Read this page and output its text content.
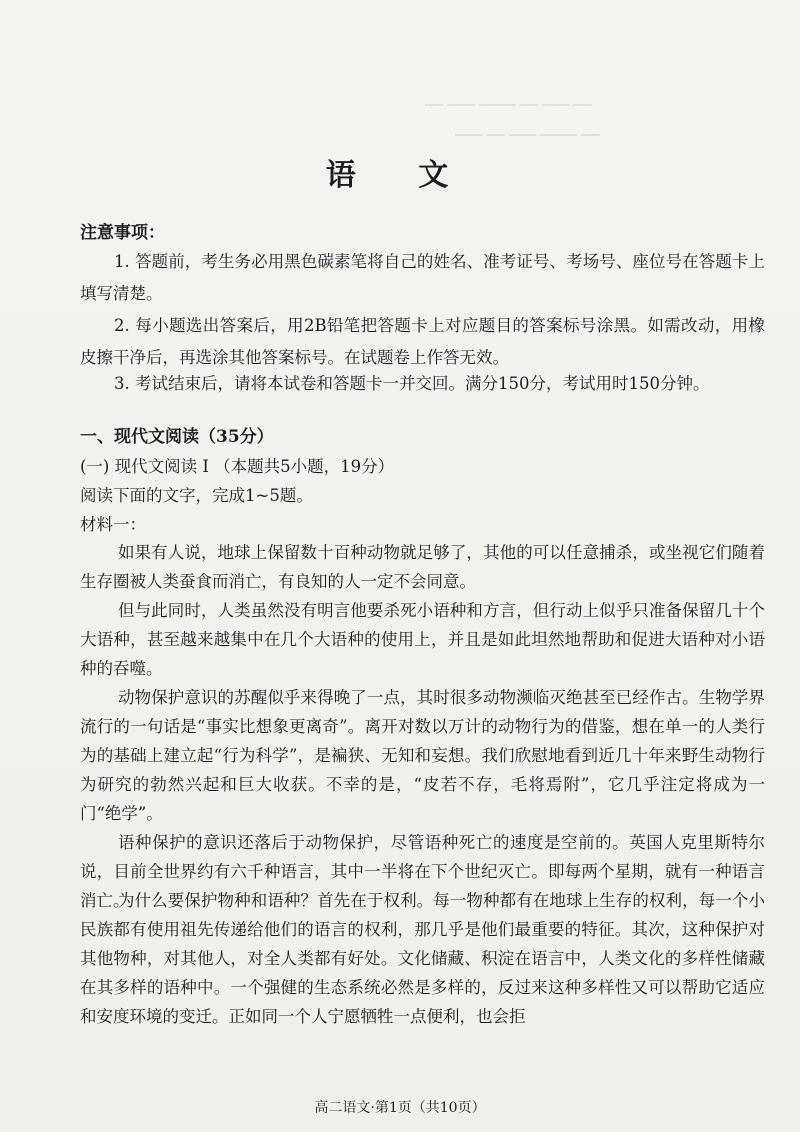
▁▁ ▁▁▁ ▁▁▁▁ ▁▁ ▁▁▁ ▁▁

▁▁▁ ▁▁ ▁▁▁ ▁▁▁▁ ▁▁

语 文

注意事项：

1. 答题前，考生务必用黑色碳素笔将自己的姓名、准考证号、考场号、座位号在答题卡上填写清楚。

2. 每小题选出答案后，用2B铅笔把答题卡上对应题目的答案标号涂黑。如需改动，用橡皮擦干净后，再选涂其他答案标号。在试题卷上作答无效。

3. 考试结束后，请将本试卷和答题卡一并交回。满分150分，考试用时150分钟。

一、现代文阅读（35分）

(一) 现代文阅读 I （本题共5小题，19分）

阅读下面的文字，完成1~5题。

材料一：

如果有人说，地球上保留数十百种动物就足够了，其他的可以任意捕杀，或坐视它们随着生存圈被人类蚕食而消亡，有良知的人一定不会同意。

但与此同时，人类虽然没有明言他要杀死小语种和方言，但行动上似乎只准备保留几十个大语种，甚至越来越集中在几个大语种的使用上，并且是如此坦然地帮助和促进大语种对小语种的吞噬。

动物保护意识的苏醒似乎来得晚了一点，其时很多动物濒临灭绝甚至已经作古。生物学界流行的一句话是“事实比想象更离奇”。离开对数以万计的动物行为的借鉴，想在单一的人类行为的基础上建立起“行为科学”，是褊狭、无知和妄想。我们欣慰地看到近几十年来野生动物行为研究的勃然兴起和巨大收获。不幸的是，“皮若不存，毛将焉附”，它几乎注定将成为一门“绝学”。

语种保护的意识还落后于动物保护，尽管语种死亡的速度是空前的。英国人克里斯特尔说，目前全世界约有六千种语言，其中一半将在下个世纪灭亡。即每两个星期，就有一种语言消亡。

为什么要保护物种和语种？首先在于权利。每一物种都有在地球上生存的权利，每一个小民族都有使用祖先传递给他们的语言的权利，那几乎是他们最重要的特征。其次，这种保护对其他物种，对其他人，对全人类都有好处。文化储藏、积淀在语言中，人类文化的多样性储藏在其多样的语种中。一个强健的生态系统必然是多样的，反过来这种多样性又可以帮助它适应和安度环境的变迁。正如同一个人宁愿牺牲一点便利，也会拒

高二语文·第1页（共10页）
